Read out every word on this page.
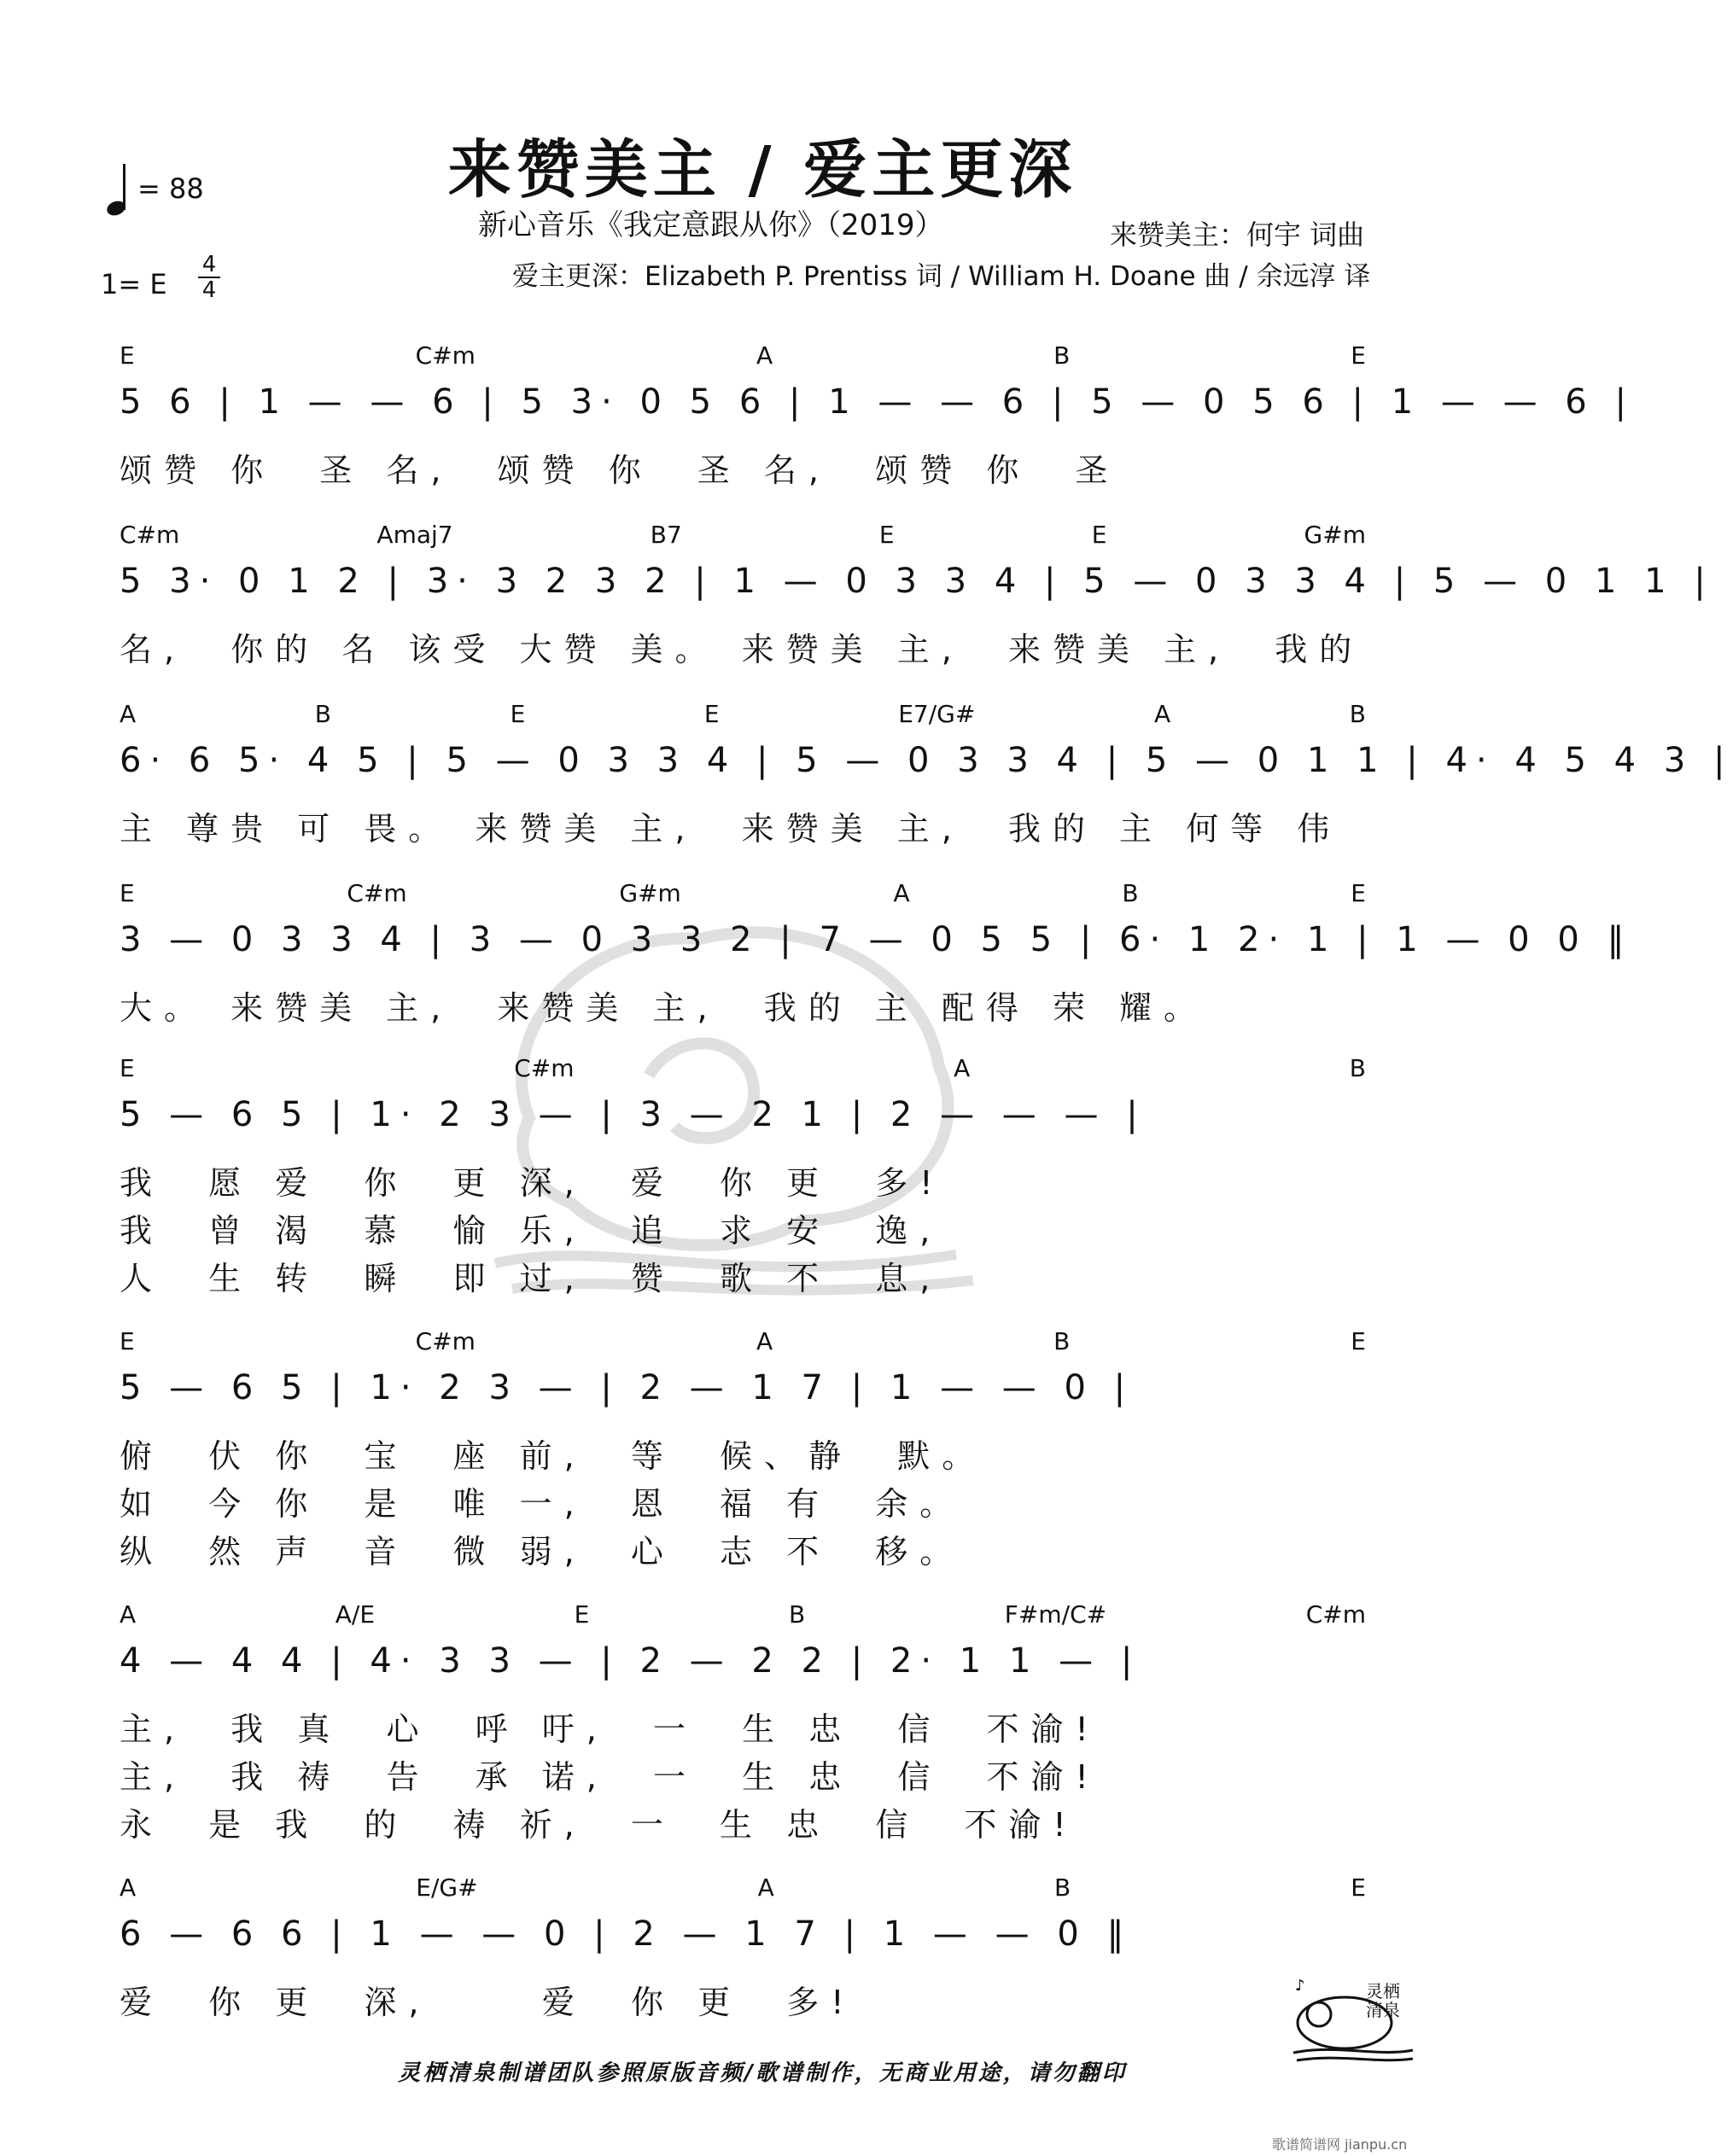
来赞美主 / 爱主更深
新心音乐《我定意跟从你》（2019）
= 88
1= E
4
4
来赞美主：何宇 词曲
爱主更深：Elizabeth P. Prentiss 词 / William H. Doane 曲 / 余远淳 译
E	C#m	A	B	E
5 6 | 1 — — 6 | 5 3· 0 5 6 | 1 — — 6 | 5 — 0 5 6 | 1 — — 6 |
颂赞 你  圣 名,  颂赞 你  圣 名,  颂赞 你  圣
C#m	Amaj7	B7	E	E	G#m
5 3· 0 1 2 | 3· 3 2 3 2 | 1 — 0 3 3 4 | 5 — 0 3 3 4 | 5 — 0 1 1 |
名,  你的 名 该受 大赞 美。 来赞美 主,  来赞美 主,  我的
A	B	E	E	E7/G#	A	B
6· 6 5· 4 5 | 5 — 0 3 3 4 | 5 — 0 3 3 4 | 5 — 0 1 1 | 4· 4 5 4 3 |
主 尊贵 可 畏。 来赞美 主,  来赞美 主,  我的 主 何等 伟
E	C#m	G#m	A	B	E
3 — 0 3 3 4 | 3 — 0 3 3 2 | 7 — 0 5 5 | 6· 1 2· 1 | 1 — 0 0 ‖
大。 来赞美 主,  来赞美 主,  我的 主 配得 荣 耀。
E	C#m	A	B
5 — 6 5 | 1· 2 3 — | 3 — 2 1 | 2 — — — |
我  愿 爱  你  更 深,  爱  你 更  多!
我  曾 渴  慕  愉 乐,  追  求 安  逸,
人  生 转  瞬  即 过,  赞  歌 不  息,
E	C#m	A	B	E
5 — 6 5 | 1· 2 3 — | 2 — 1 7 | 1 — — 0 |
俯  伏 你  宝  座 前,  等  候、静  默。
如  今 你  是  唯 一,  恩  福 有  余。
纵  然 声  音  微 弱,  心  志 不  移。
A	A/E	E	B	F#m/C#	C#m
4 — 4 4 | 4· 3 3 — | 2 — 2 2 | 2· 1 1 — |
主,  我 真  心  呼 吁,  一  生 忠  信  不渝!
主,  我 祷  告  承 诺,  一  生 忠  信  不渝!
永  是 我  的  祷 祈,  一  生 忠  信  不渝!
A	E/G#	A	B	E
6 — 6 6 | 1 — — 0 | 2 — 1 7 | 1 — — 0 ‖
爱  你 更  深,     爱  你 更  多!
灵栖清泉制谱团队参照原版音频/歌谱制作，无商业用途，请勿翻印
♪	灵栖清泉
歌谱简谱网 jianpu.cn
